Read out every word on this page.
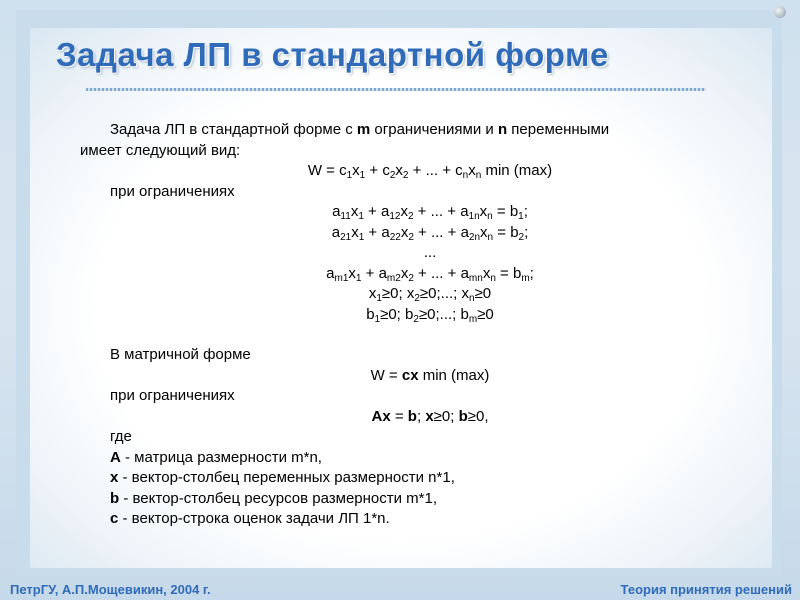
Задача ЛП в стандартной форме
Задача ЛП в стандартной форме с m ограничениями и n переменными
имеет следующий вид:
$W = c_1x_1 + c_2x_2$ + ... + $c_nx_n$ min (max)
при ограничениях
$a_{11}x_1 + a_{12}x_2$ + ... + $a_{1n}x_n = b_1$;
$a_{21}x_1 + a_{22}x_2$ + ... + $a_{2n}x_n = b_2$;
...
$a_{m1}x_1 + a_{m2}x_2$ + ... + $a_{mn}x_n = b_m$;
$x_1\ge 0$; $x_2\ge 0$;...; $x_n\ge 0$
$b_1\ge 0$; $b_2\ge 0$;...; $b_m\ge 0$
В матричной форме
W = cx min (max)
при ограничениях
Ax = b; x≥0; b≥0,
где
A - матрица размерности m*n,
x - вектор-столбец переменных размерности n*1,
b - вектор-столбец ресурсов размерности m*1,
c - вектор-строка оценок задачи ЛП 1*n.
ПетрГУ, А.П.Мощевикин, 2004 г.	Теория принятия решений
